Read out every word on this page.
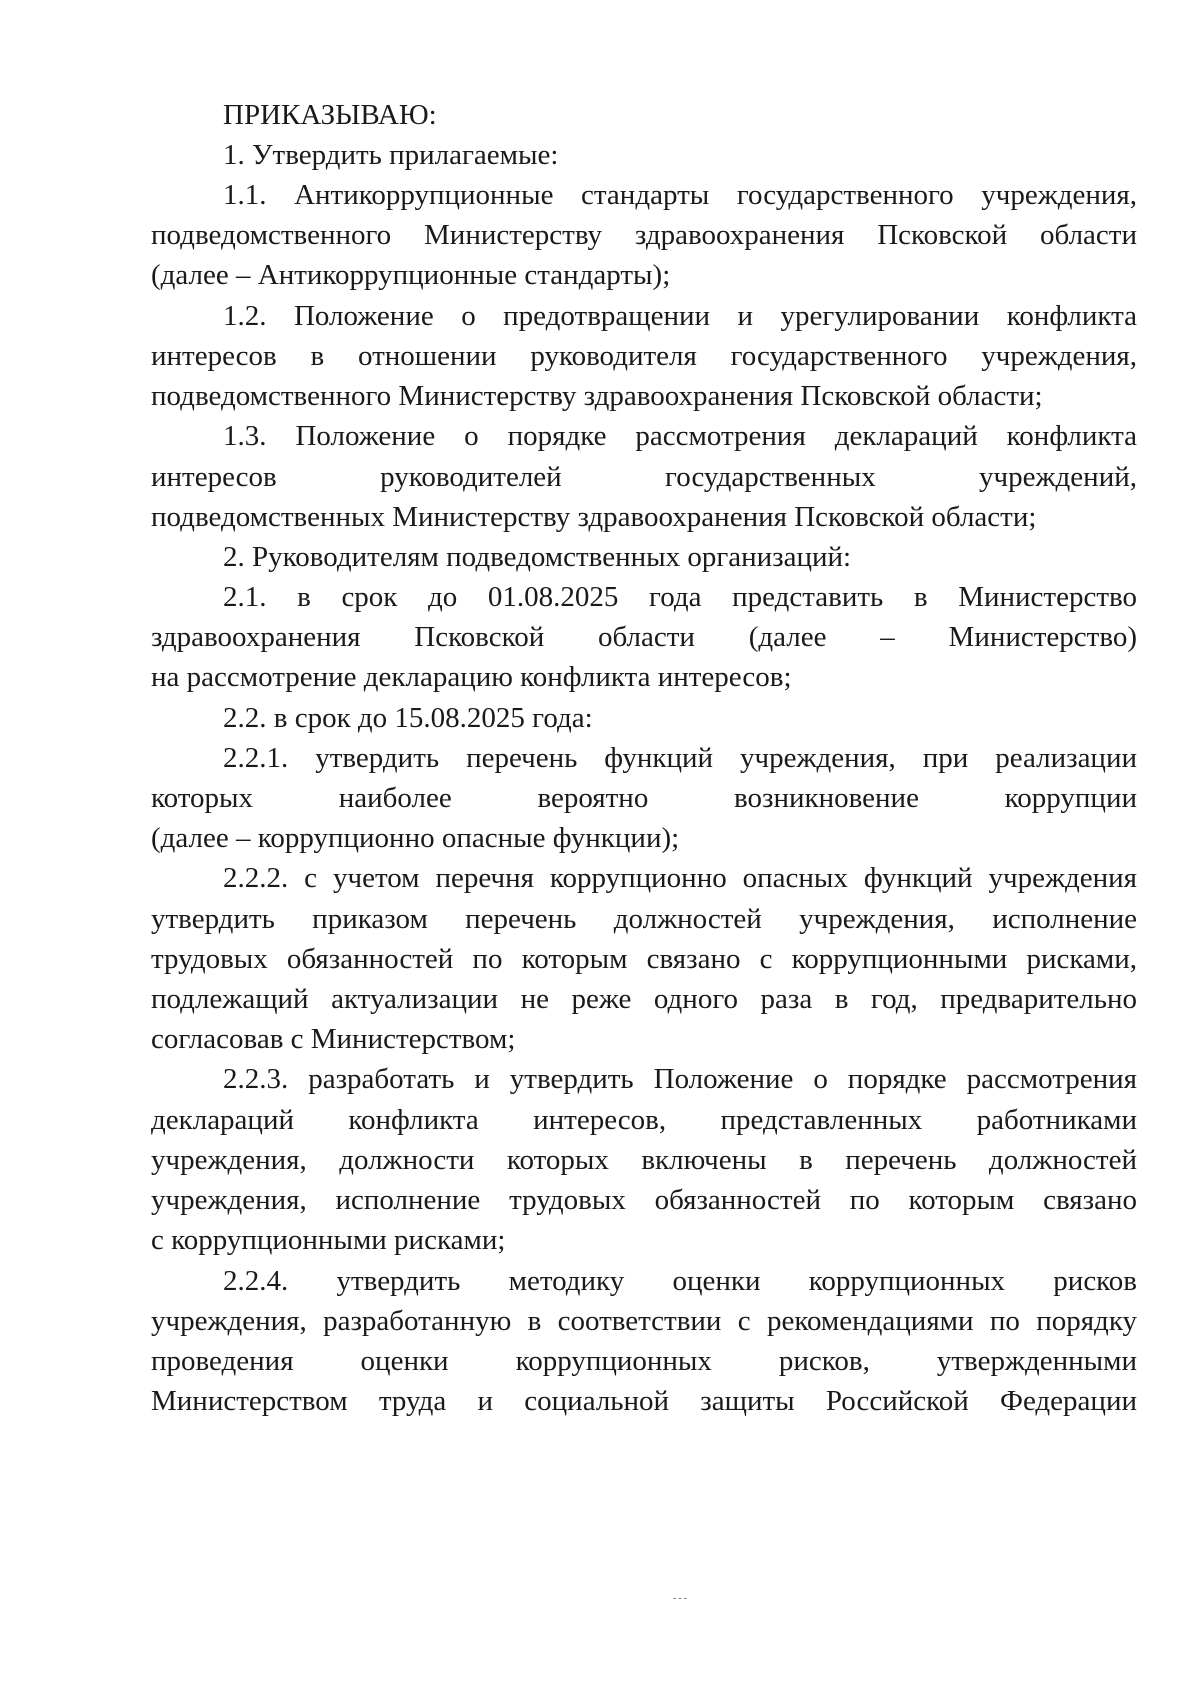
ПРИКАЗЫВАЮ:
1. Утвердить прилагаемые:
1.1. Антикоррупционные стандарты государственного учреждения,
подведомственного Министерству здравоохранения Псковской области
(далее – Антикоррупционные стандарты);
1.2. Положение о предотвращении и урегулировании конфликта
интересов в отношении руководителя государственного учреждения,
подведомственного Министерству здравоохранения Псковской области;
1.3. Положение о порядке рассмотрения деклараций конфликта
интересов руководителей государственных учреждений,
подведомственных Министерству здравоохранения Псковской области;
2. Руководителям подведомственных организаций:
2.1. в срок до 01.08.2025 года представить в Министерство
здравоохранения Псковской области (далее – Министерство)
на рассмотрение декларацию конфликта интересов;
2.2. в срок до 15.08.2025 года:
2.2.1. утвердить перечень функций учреждения, при реализации
которых наиболее вероятно возникновение коррупции
(далее – коррупционно опасные функции);
2.2.2. с учетом перечня коррупционно опасных функций учреждения
утвердить приказом перечень должностей учреждения, исполнение
трудовых обязанностей по которым связано с коррупционными рисками,
подлежащий актуализации не реже одного раза в год, предварительно
согласовав с Министерством;
2.2.3. разработать и утвердить Положение о порядке рассмотрения
деклараций конфликта интересов, представленных работниками
учреждения, должности которых включены в перечень должностей
учреждения, исполнение трудовых обязанностей по которым связано
с коррупционными рисками;
2.2.4. утвердить методику оценки коррупционных рисков
учреждения, разработанную в соответствии с рекомендациями по порядку
проведения оценки коррупционных рисков, утвержденными
Министерством труда и социальной защиты Российской Федерации
